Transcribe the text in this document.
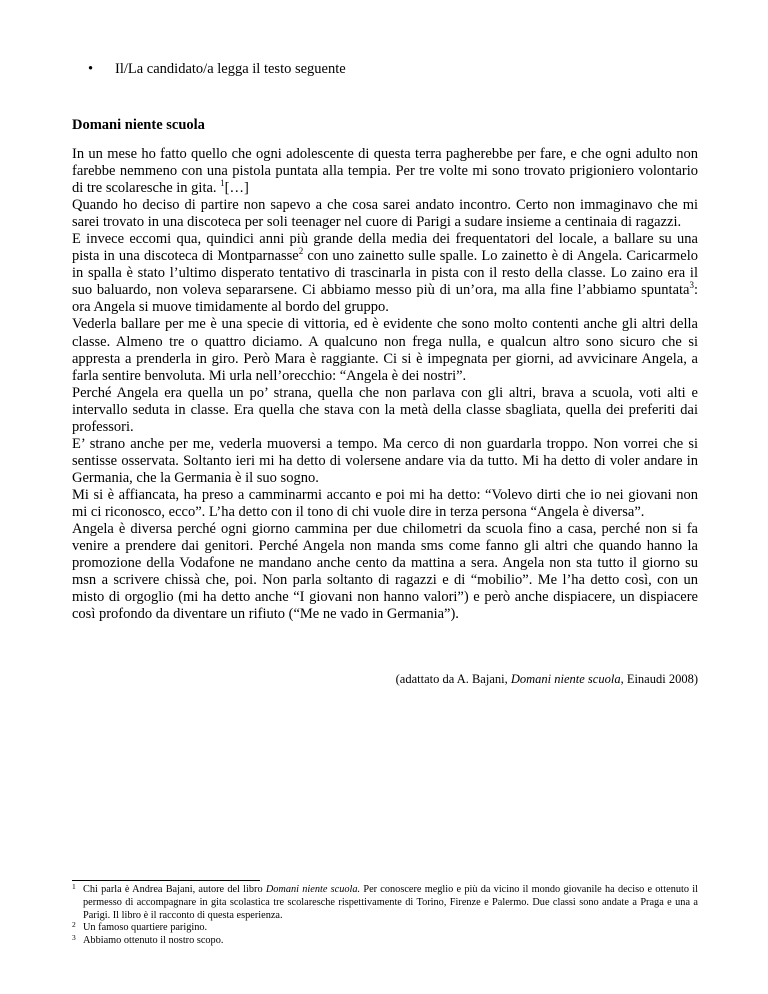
• Il/La candidato/a legga il testo seguente
Domani niente scuola

In un mese ho fatto quello che ogni adolescente di questa terra pagherebbe per fare, e che ogni adulto non farebbe nemmeno con una pistola puntata alla tempia. Per tre volte mi sono trovato prigioniero volontario di tre scolaresche in gita. $^1$[…]

Quando ho deciso di partire non sapevo a che cosa sarei andato incontro. Certo non immaginavo che mi sarei trovato in una discoteca per soli teenager nel cuore di Parigi a sudare insieme a centinaia di ragazzi.

E invece eccomi qua, quindici anni più grande della media dei frequentatori del locale, a ballare su una pista in una discoteca di Montparnasse$^2$ con uno zainetto sulle spalle. Lo zainetto è di Angela. Caricarmelo in spalla è stato l’ultimo disperato tentativo di trascinarla in pista con il resto della classe. Lo zaino era il suo baluardo, non voleva separarsene. Ci abbiamo messo più di un’ora, ma alla fine l’abbiamo spuntata$^3$: ora Angela si muove timidamente al bordo del gruppo.

Vederla ballare per me è una specie di vittoria, ed è evidente che sono molto contenti anche gli altri della classe. Almeno tre o quattro diciamo. A qualcuno non frega nulla, e qualcun altro sono sicuro che si appresta a prenderla in giro. Però Mara è raggiante. Ci si è impegnata per giorni, ad avvicinare Angela, a farla sentire benvoluta. Mi urla nell’orecchio: “Angela è dei nostri”.

Perché Angela era quella un po’ strana, quella che non parlava con gli altri, brava a scuola, voti alti e intervallo seduta in classe. Era quella che stava con la metà della classe sbagliata, quella dei preferiti dai professori.

E’ strano anche per me, vederla muoversi a tempo. Ma cerco di non guardarla troppo. Non vorrei che si sentisse osservata. Soltanto ieri mi ha detto di volersene andare via da tutto. Mi ha detto di voler andare in Germania, che la Germania è il suo sogno.

Mi si è affiancata, ha preso a camminarmi accanto e poi mi ha detto: “Volevo dirti che io nei giovani non mi ci riconosco, ecco”. L’ha detto con il tono di chi vuole dire in terza persona “Angela è diversa”.

Angela è diversa perché ogni giorno cammina per due chilometri da scuola fino a casa, perché non si fa venire a prendere dai genitori. Perché Angela non manda sms come fanno gli altri che quando hanno la promozione della Vodafone ne mandano anche cento da mattina a sera. Angela non sta tutto il giorno su msn a scrivere chissà che, poi. Non parla soltanto di ragazzi e di “mobilio”. Me l’ha detto così, con un misto di orgoglio (mi ha detto anche “I giovani non hanno valori”) e però anche dispiacere, un dispiacere così profondo da diventare un rifiuto (“Me ne vado in Germania”).

(adattato da A. Bajani, Domani niente scuola, Einaudi 2008)
1 Chi parla è Andrea Bajani, autore del libro Domani niente scuola. Per conoscere meglio e più da vicino il mondo giovanile ha deciso e ottenuto il permesso di accompagnare in gita scolastica tre scolaresche rispettivamente di Torino, Firenze e Palermo. Due classi sono andate a Praga e una a Parigi. Il libro è il racconto di questa esperienza.
2 Un famoso quartiere parigino.
3 Abbiamo ottenuto il nostro scopo.
